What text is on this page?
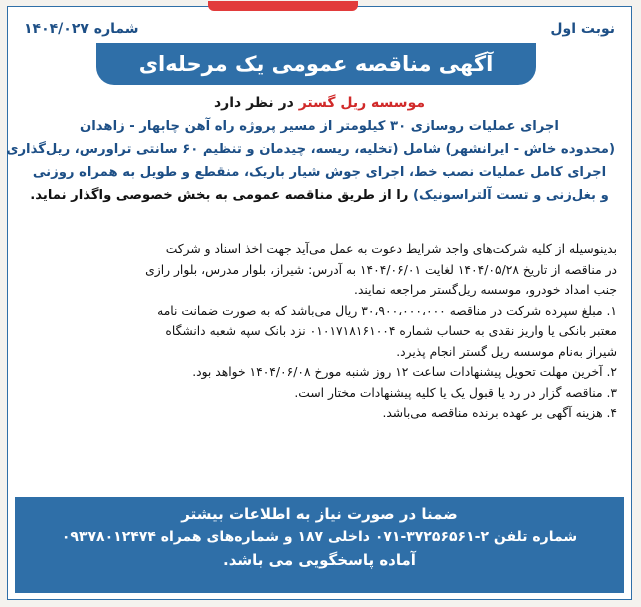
نوبت اول
شماره ۱۴۰۴/۰۲۷
آگهی مناقصه عمومی یک مرحله‌ای
موسسه ریل گستر در نظر دارد
اجرای عملیات روسازی ۳۰ کیلومتر از مسیر پروژه راه آهن چابهار - زاهدان
(محدوده خاش - ایرانشهر) شامل (تخلیه، ریسه، چیدمان و تنظیم ۶۰ سانتی تراورس، ریل‌گذاری
اجرای کامل عملیات نصب خط، اجرای جوش شیار باریک، منقطع و طویل به همراه روزنی
و بغل‌زنی و تست آلتراسونیک) را از طریق مناقصه عمومی به بخش خصوصی واگذار نماید.
بدینوسیله از کلیه شرکت‌های واجد شرایط دعوت به عمل می‌آید جهت اخذ اسناد و شرکت
در مناقصه از تاریخ ۱۴۰۴/۰۵/۲۸ لغایت ۱۴۰۴/۰۶/۰۱ به آدرس: شیراز، بلوار مدرس، بلوار رازی
جنب امداد خودرو، موسسه ریل‌گستر مراجعه نمایند.
۱. مبلغ سپرده شرکت در مناقصه ۳۰،۹۰۰،۰۰۰،۰۰۰ ریال می‌باشد که به صورت ضمانت نامه
معتبر بانکی یا واریز نقدی به حساب شماره ۰۱۰۱۷۱۸۱۶۱۰۰۴ نزد بانک سپه شعبه دانشگاه
شیراز به‌نام موسسه ریل گستر انجام پذیرد.
۲. آخرین مهلت تحویل پیشنهادات ساعت ۱۲ روز شنبه مورخ ۱۴۰۴/۰۶/۰۸ خواهد بود.
۳. مناقصه گزار در رد یا قبول یک یا کلیه پیشنهادات مختار است.
۴. هزینه آگهی بر عهده برنده مناقصه می‌باشد.
ضمنا در صورت نیاز به اطلاعات بیشتر
شماره تلفن ۲-۳۷۲۵۶۵۶۱-۰۷۱ داخلی ۱۸۷ و شماره‌های همراه ۰۹۳۷۸۰۱۲۴۷۴
آماده پاسخگویی می باشد.
